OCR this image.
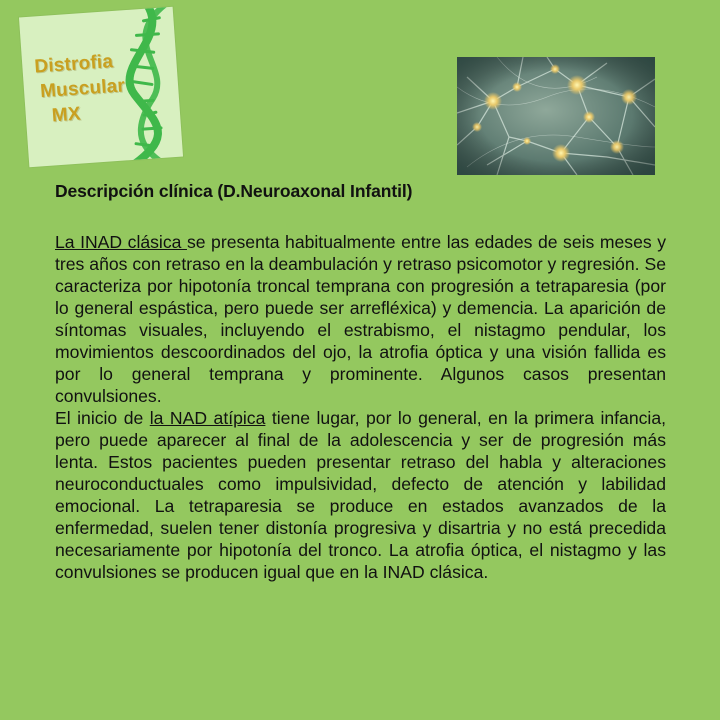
Distrofia
Muscular
MX
Descripción clínica (D.Neuroaxonal Infantil)

La INAD clásica se presenta habitualmente entre las edades de seis meses y tres años con retraso en la deambulación y retraso psicomotor y regresión. Se caracteriza por hipotonía troncal temprana con progresión a tetraparesia (por lo general espástica, pero puede ser arrefléxica) y demencia. La aparición de síntomas visuales, incluyendo el estrabismo, el nistagmo pendular, los movimientos descoordinados del ojo, la atrofia óptica y una visión fallida es por lo general temprana y prominente. Algunos casos presentan convulsiones.

El inicio de la NAD atípica tiene lugar, por lo general, en la primera infancia, pero puede aparecer al final de la adolescencia y ser de progresión más lenta. Estos pacientes pueden presentar retraso del habla y alteraciones neuroconductuales como impulsividad, defecto de atención y labilidad emocional. La tetraparesia se produce en estados avanzados de la enfermedad, suelen tener distonía progresiva y disartria y no está precedida necesariamente por hipotonía del tronco. La atrofia óptica, el nistagmo y las convulsiones se producen igual que en la INAD clásica.
